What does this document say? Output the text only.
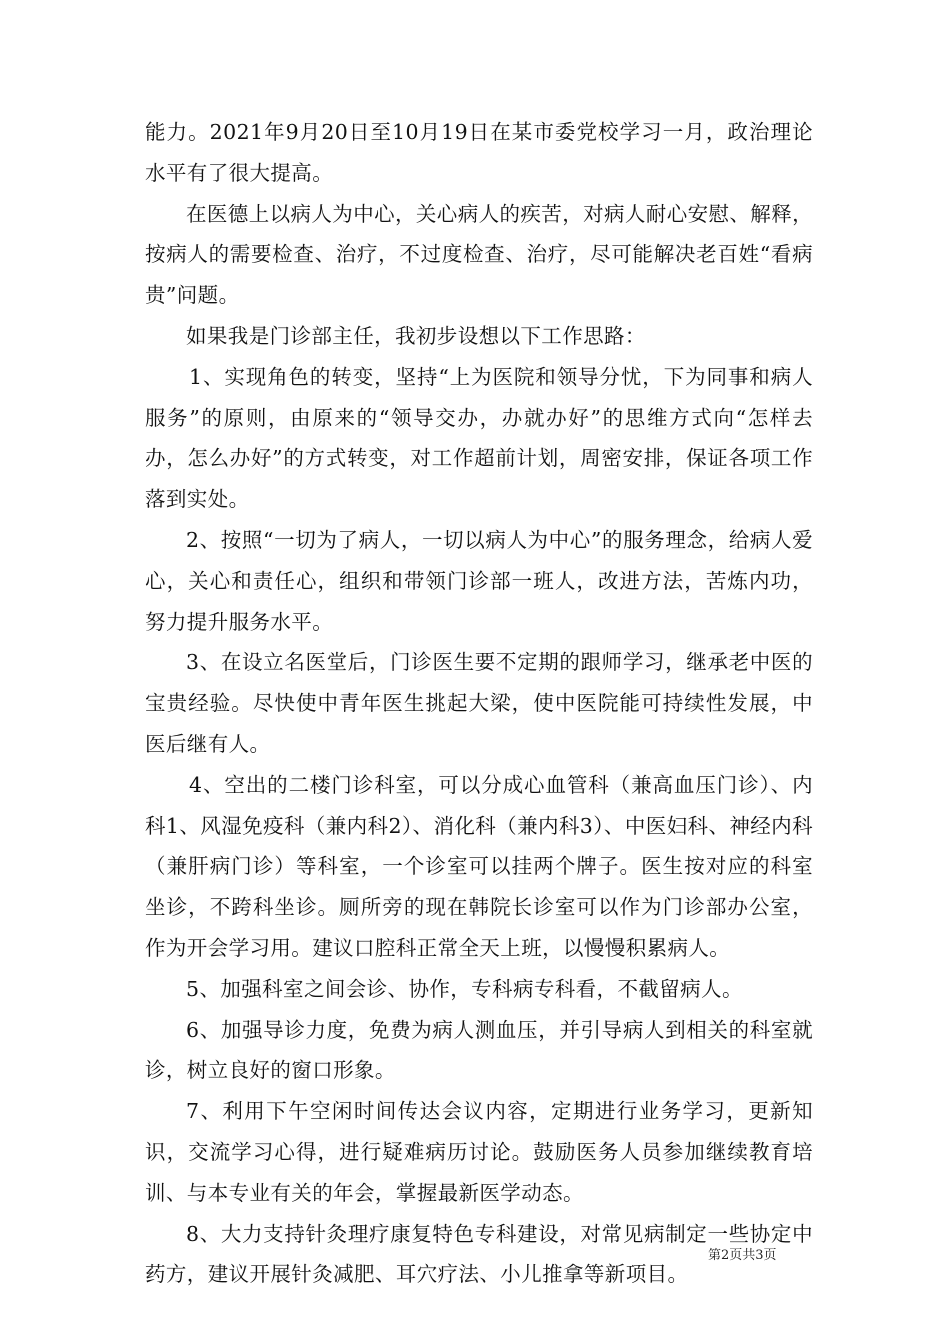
能力。2021年9月20日至10月19日在某市委党校学习一月，政治理论水平有了很大提高。

在医德上以病人为中心，关心病人的疾苦，对病人耐心安慰、解释，按病人的需要检查、治疗，不过度检查、治疗，尽可能解决老百姓“看病贵”问题。

如果我是门诊部主任，我初步设想以下工作思路：

1、实现角色的转变，坚持“上为医院和领导分忧，下为同事和病人服务”的原则，由原来的“领导交办，办就办好”的思维方式向“怎样去办，怎么办好”的方式转变，对工作超前计划，周密安排，保证各项工作落到实处。

2、按照“一切为了病人，一切以病人为中心”的服务理念，给病人爱心，关心和责任心，组织和带领门诊部一班人，改进方法，苦炼内功，努力提升服务水平。

3、在设立名医堂后，门诊医生要不定期的跟师学习，继承老中医的宝贵经验。尽快使中青年医生挑起大梁，使中医院能可持续性发展，中医后继有人。

4、空出的二楼门诊科室，可以分成心血管科（兼高血压门诊）、内科1、风湿免疫科（兼内科2）、消化科（兼内科3）、中医妇科、神经内科（兼肝病门诊）等科室，一个诊室可以挂两个牌子。医生按对应的科室坐诊，不跨科坐诊。厕所旁的现在韩院长诊室可以作为门诊部办公室，作为开会学习用。建议口腔科正常全天上班，以慢慢积累病人。

5、加强科室之间会诊、协作，专科病专科看，不截留病人。

6、加强导诊力度，免费为病人测血压，并引导病人到相关的科室就诊，树立良好的窗口形象。

7、利用下午空闲时间传达会议内容，定期进行业务学习，更新知识，交流学习心得，进行疑难病历讨论。鼓励医务人员参加继续教育培训、与本专业有关的年会，掌握最新医学动态。

8、大力支持针灸理疗康复特色专科建设，对常见病制定一些协定中药方，建议开展针灸减肥、耳穴疗法、小儿推拿等新项目。

第2页共3页
